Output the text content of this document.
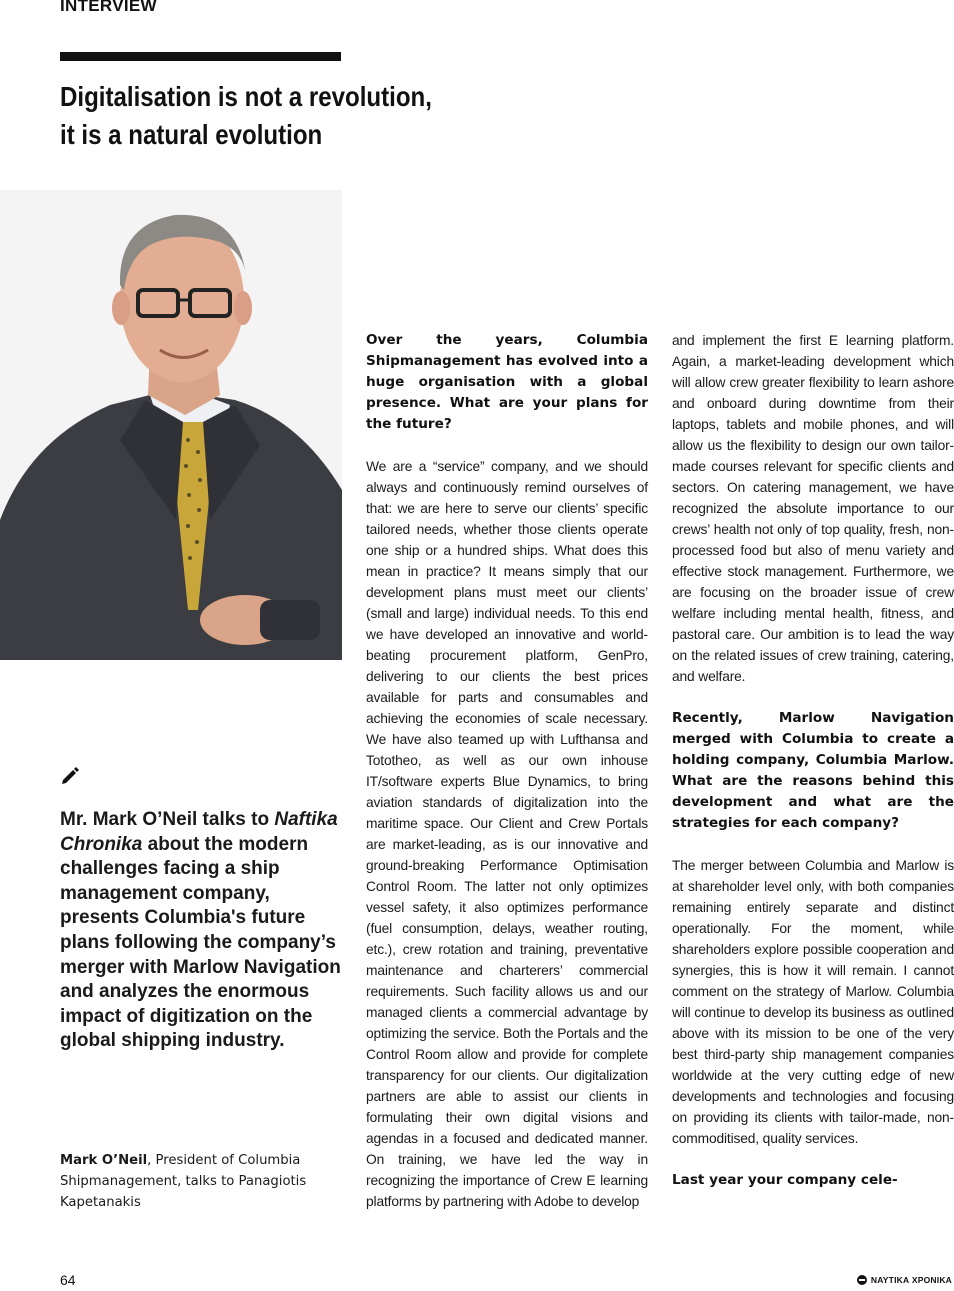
INTERVIEW
Digitalisation is not a revolution,
it is a natural evolution

Mr. Mark O’Neil talks to Naftika Chronika about the modern challenges facing a ship management company, presents Columbia's future plans following the company’s merger with Marlow Navigation and analyzes the enormous impact of digitization on the global shipping industry.

Mark O’Neil, President of Columbia Shipmanagement, talks to Panagiotis Kapetanakis

Over the years, Columbia Shipmanagement has evolved into a huge organisation with a global presence. What are your plans for the future?

We are a “service” company, and we should always and continuously remind ourselves of that: we are here to serve our clients’ specific tailored needs, whether those clients operate one ship or a hundred ships. What does this mean in practice? It means simply that our development plans must meet our clients’ (small and large) individual needs. To this end we have developed an innovative and world-beating procurement platform, GenPro, delivering to our clients the best prices available for parts and consumables and achieving the economies of scale necessary. We have also teamed up with Lufthansa and Tototheo, as well as our own inhouse IT/software experts Blue Dynamics, to bring aviation standards of digitalization into the maritime space. Our Client and Crew Portals are market-leading, as is our innovative and ground-breaking Performance Optimisation Control Room. The latter not only optimizes vessel safety, it also optimizes performance (fuel consumption, delays, weather routing, etc.), crew rotation and training, preventative maintenance and charterers’ commercial requirements. Such facility allows us and our managed clients a commercial advantage by optimizing the service. Both the Portals and the Control Room allow and provide for complete transparency for our clients. Our digitalization partners are able to assist our clients in formulating their own digital visions and agendas in a focused and dedicated manner. On training, we have led the way in recognizing the importance of Crew E learning platforms by partnering with Adobe to develop

and implement the first E learning platform. Again, a market-leading development which will allow crew greater flexibility to learn ashore and onboard during downtime from their laptops, tablets and mobile phones, and will allow us the flexibility to design our own tailor-made courses relevant for specific clients and sectors. On catering management, we have recognized the absolute importance to our crews’ health not only of top quality, fresh, non-processed food but also of menu variety and effective stock management. Furthermore, we are focusing on the broader issue of crew welfare including mental health, fitness, and pastoral care. Our ambition is to lead the way on the related issues of crew training, catering, and welfare.

Recently, Marlow Navigation merged with Columbia to create a holding company, Columbia Marlow. What are the reasons behind this development and what are the strategies for each company?

The merger between Columbia and Marlow is at shareholder level only, with both companies remaining entirely separate and distinct operationally. For the moment, while shareholders explore possible cooperation and synergies, this is how it will remain. I cannot comment on the strategy of Marlow. Columbia will continue to develop its business as outlined above with its mission to be one of the very best third-party ship management companies worldwide at the very cutting edge of new developments and technologies and focusing on providing its clients with tailor-made, non-commoditised, quality services.

Last year your company cele-

64	ΝΑΥΤΙΚΑ ΧΡΟΝΙΚΑ
